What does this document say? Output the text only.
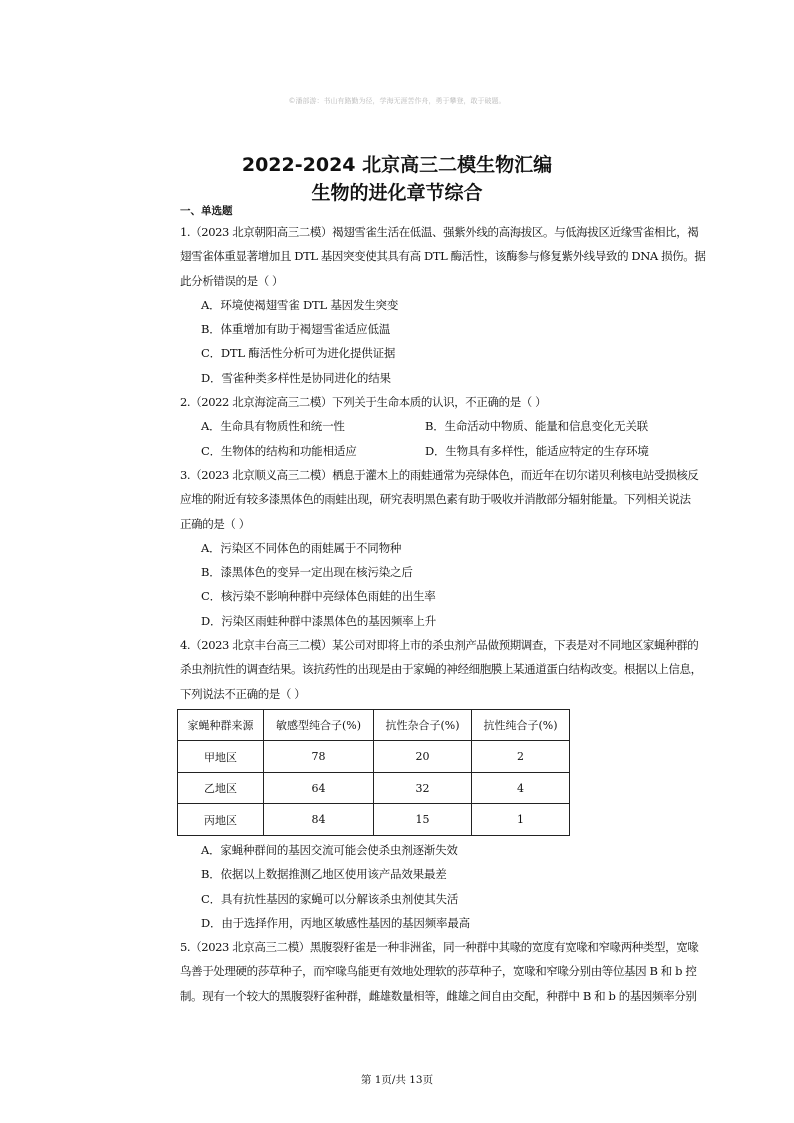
©潘部游：书山有路勤为径，学海无涯苦作舟，勇于攀登，敢于破题。
2022-2024 北京高三二模生物汇编
生物的进化章节综合
一、单选题
1.（2023 北京朝阳高三二模）褐翅雪雀生活在低温、强紫外线的高海拔区。与低海拔区近缘雪雀相比，褐
翅雪雀体重显著增加且 DTL 基因突变使其具有高 DTL 酶活性，该酶参与修复紫外线导致的 DNA 损伤。据
此分析错误的是（ ）
A．环境使褐翅雪雀 DTL 基因发生突变
B．体重增加有助于褐翅雪雀适应低温
C．DTL 酶活性分析可为进化提供证据
D．雪雀种类多样性是协同进化的结果
2.（2022 北京海淀高三二模）下列关于生命本质的认识，不正确的是（ ）
A．生命具有物质性和统一性	B．生命活动中物质、能量和信息变化无关联
C．生物体的结构和功能相适应	D．生物具有多样性，能适应特定的生存环境
3.（2023 北京顺义高三二模）栖息于灌木上的雨蛙通常为亮绿体色，而近年在切尔诺贝利核电站受损核反
应堆的附近有较多漆黑体色的雨蛙出现，研究表明黑色素有助于吸收并消散部分辐射能量。下列相关说法
正确的是（ ）
A．污染区不同体色的雨蛙属于不同物种
B．漆黑体色的变异一定出现在核污染之后
C．核污染不影响种群中亮绿体色雨蛙的出生率
D．污染区雨蛙种群中漆黑体色的基因频率上升
4.（2023 北京丰台高三二模）某公司对即将上市的杀虫剂产品做预期调查，下表是对不同地区家蝇种群的
杀虫剂抗性的调查结果。该抗药性的出现是由于家蝇的神经细胞膜上某通道蛋白结构改变。根据以上信息，
下列说法不正确的是（ ）
家蝇种群来源	敏感型纯合子(%)	抗性杂合子(%)	抗性纯合子(%)
甲地区	78	20	2
乙地区	64	32	4
丙地区	84	15	1
A．家蝇种群间的基因交流可能会使杀虫剂逐渐失效
B．依据以上数据推测乙地区使用该产品效果最差
C．具有抗性基因的家蝇可以分解该杀虫剂使其失活
D．由于选择作用，丙地区敏感性基因的基因频率最高
5.（2023 北京高三二模）黑腹裂籽雀是一种非洲雀，同一种群中其喙的宽度有宽喙和窄喙两种类型，宽喙
鸟善于处理硬的莎草种子，而窄喙鸟能更有效地处理软的莎草种子，宽喙和窄喙分别由等位基因 B 和 b 控
制。现有一个较大的黑腹裂籽雀种群，雌雄数量相等，雌雄之间自由交配，种群中 B 和 b 的基因频率分别
第 1页/共 13页
